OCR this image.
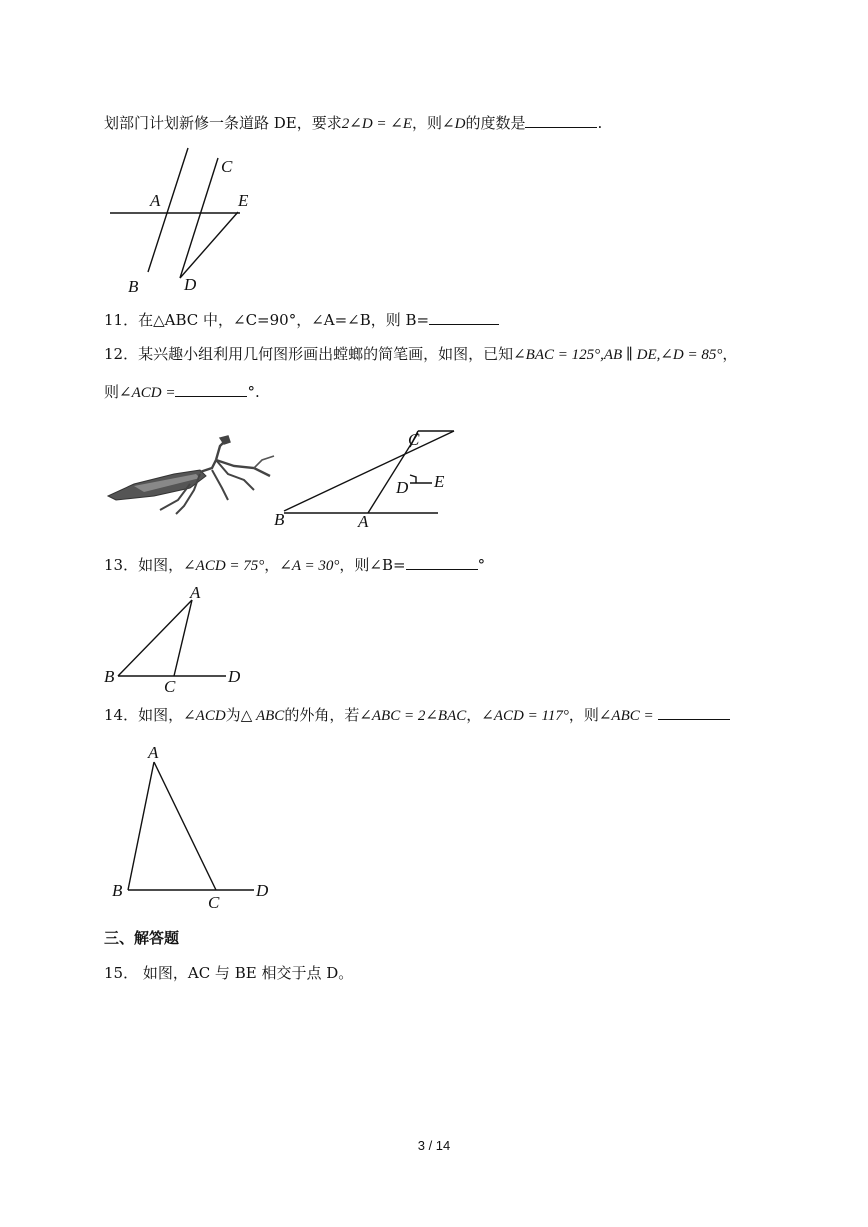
划部门计划新修一条道路 DE，要求2∠D = ∠E，则∠D的度数是	.
A
B
C
D
E
11．在△ABC 中，∠C=90°，∠A=∠B，则 B=
12．某兴趣小组利用几何图形画出螳螂的简笔画，如图，已知∠BAC = 125°,AB ∥ DE,∠D = 85°，
则∠ACD =	°.
B	A
C
D E
13．如图，∠ACD = 75°，∠A = 30°，则∠B=	°
A
B
C
D
14．如图，∠ACD为△ ABC的外角，若∠ABC = 2∠BAC，∠ACD = 117°，则∠ABC =
A
B
C
D
三、解答题
15． 如图，AC 与 BE 相交于点 D。
3 / 14
